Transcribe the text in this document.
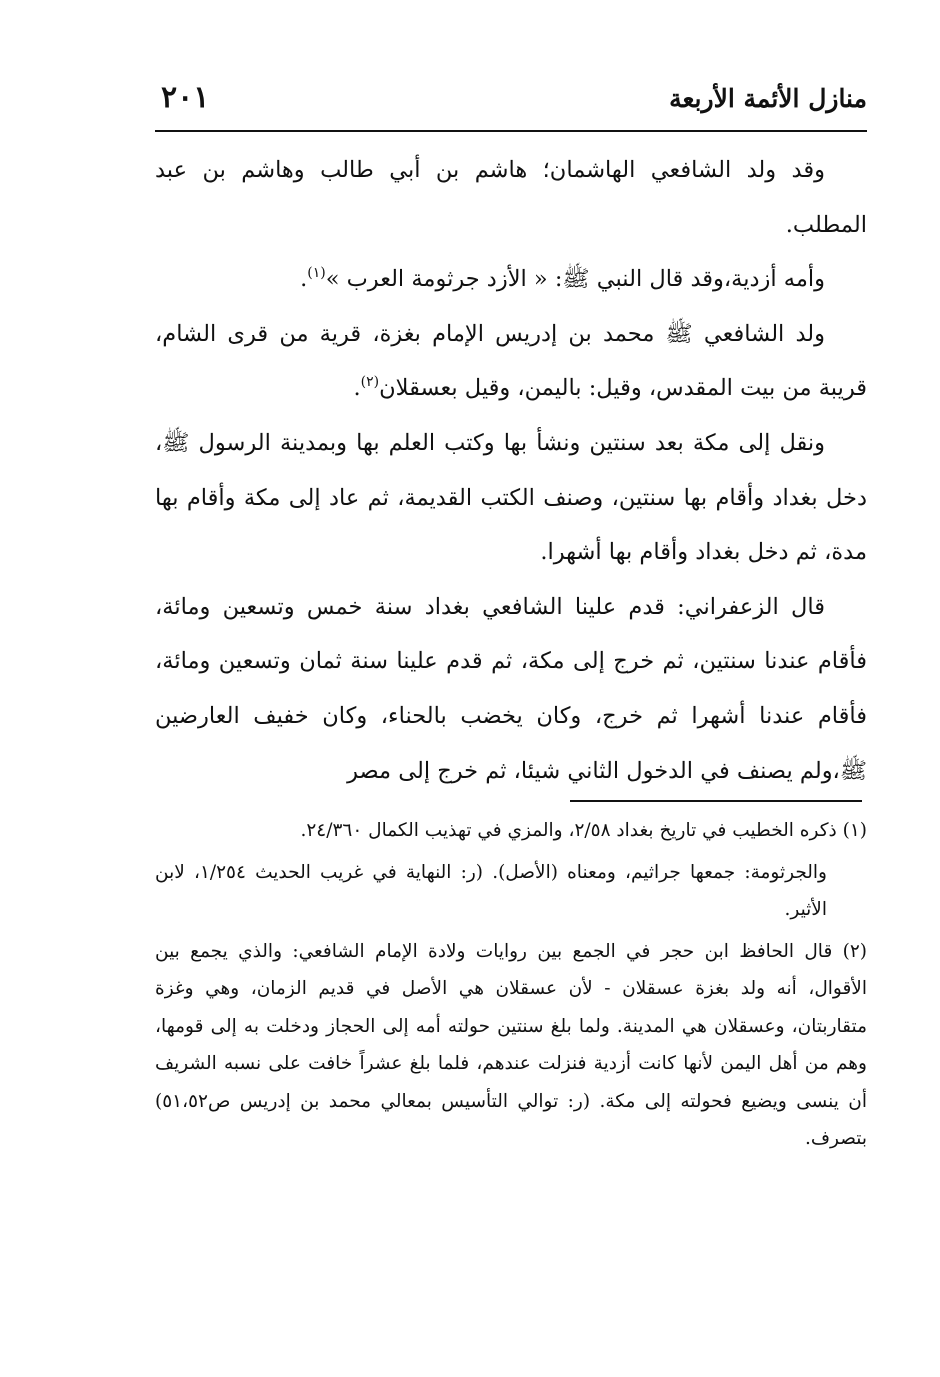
منازل الأئمة الأربعة
٢٠١

وقد ولد الشافعي الهاشمان؛ هاشم بن أبي طالب وهاشم بن عبد المطلب.

وأمه أزدية،وقد قال النبي ﷺ: « الأزد جرثومة العرب »$^{(١)}$.

ولد الشافعي ﷺ محمد بن إدريس الإمام بغزة، قرية من قرى الشام، قريبة من بيت المقدس، وقيل: باليمن، وقيل بعسقلان$^{(٢)}$.

ونقل إلى مكة بعد سنتين ونشأ بها وكتب العلم بها وبمدينة الرسول ﷺ، دخل بغداد وأقام بها سنتين، وصنف الكتب القديمة، ثم عاد إلى مكة وأقام بها مدة، ثم دخل بغداد وأقام بها أشهرا.

قال الزعفراني: قدم علينا الشافعي بغداد سنة خمس وتسعين ومائة، فأقام عندنا سنتين، ثم خرج إلى مكة، ثم قدم علينا سنة ثمان وتسعين ومائة، فأقام عندنا أشهرا ثم خرج، وكان يخضب بالحناء، وكان خفيف العارضين ﷺ،ولم يصنف في الدخول الثاني شيئا، ثم خرج إلى مصر

(١) ذكره الخطيب في تاريخ بغداد ٢/٥٨، والمزي في تهذيب الكمال ٢٤/٣٦٠.

والجرثومة: جمعها جراثيم، ومعناه (الأصل). (ر: النهاية في غريب الحديث ١/٢٥٤، لابن الأثير.

(٢) قال الحافظ ابن حجر في الجمع بين روايات ولادة الإمام الشافعي: والذي يجمع بين الأقوال، أنه ولد بغزة عسقلان - لأن عسقلان هي الأصل في قديم الزمان، وهي وغزة متقاربتان، وعسقلان هي المدينة. ولما بلغ سنتين حولته أمه إلى الحجاز ودخلت به إلى قومها، وهم من أهل اليمن لأنها كانت أزدية فنزلت عندهم، فلما بلغ عشراً خافت على نسبه الشريف أن ينسى ويضيع فحولته إلى مكة. (ر: توالي التأسيس بمعالي محمد بن إدريس ص٥١،٥٢) بتصرف.
